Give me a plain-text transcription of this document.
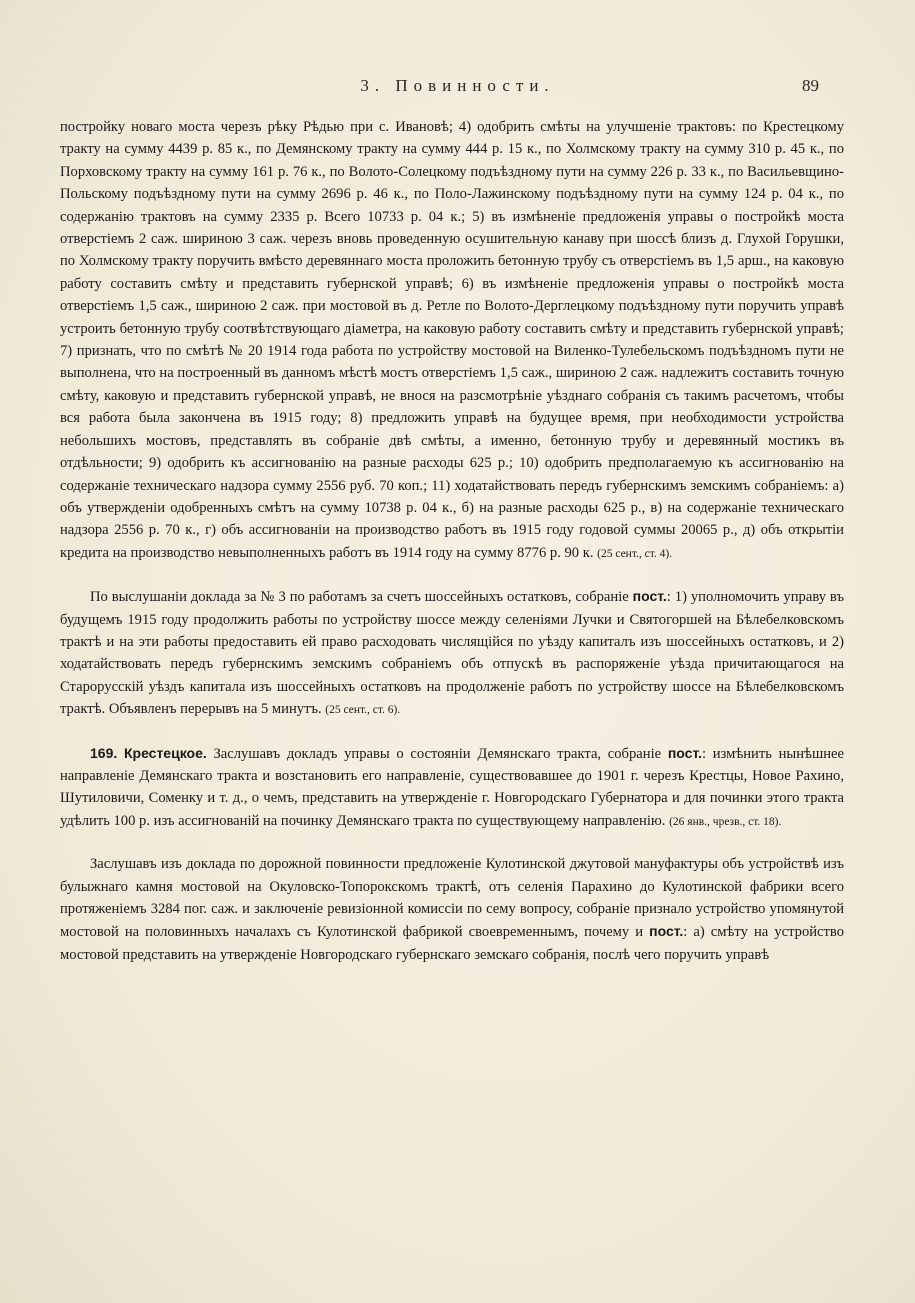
3. Повинности.	89

постройку новаго моста черезъ рѣку Рѣдью при с. Ивановѣ; 4) одобрить смѣты на улучшеніе трактовъ: по Крестецкому тракту на сумму 4439 р. 85 к., по Демянскому тракту на сумму 444 р. 15 к., по Холмскому тракту на сумму 310 р. 45 к., по Порховскому тракту на сумму 161 р. 76 к., по Волото-Солецкому подъѣздному пути на сумму 226 р. 33 к., по Васильевщино-Польскому подъѣздному пути на сумму 2696 р. 46 к., по Поло-Лажинскому подъѣздному пути на сумму 124 р. 04 к., по содержанію трактовъ на сумму 2335 р. Всего 10733 р. 04 к.; 5) въ измѣненіе предложенія управы о постройкѣ моста отверстіемъ 2 саж. шириною 3 саж. черезъ вновь проведенную осушительную канаву при шоссѣ близъ д. Глухой Горушки, по Холмскому тракту поручить вмѣсто деревяннаго моста проложить бетонную трубу съ отверстіемъ въ 1,5 арш., на каковую работу составить смѣту и представить губернской управѣ; 6) въ измѣненіе предложенія управы о постройкѣ моста отверстіемъ 1,5 саж., шириною 2 саж. при мостовой въ д. Ретле по Волото-Дерглецкому подъѣздному пути поручить управѣ устроить бетонную трубу соотвѣтствующаго діаметра, на каковую работу составить смѣту и представить губернской управѣ; 7) признать, что по смѣтѣ № 20 1914 года работа по устройству мостовой на Виленко-Тулебельскомъ подъѣздномъ пути не выполнена, что на построенный въ данномъ мѣстѣ мостъ отверстіемъ 1,5 саж., шириною 2 саж. надлежитъ составить точную смѣту, каковую и представить губернской управѣ, не внося на разсмотрѣніе уѣзднаго собранія съ такимъ расчетомъ, чтобы вся работа была закончена въ 1915 году; 8) предложить управѣ на будущее время, при необходимости устройства небольшихъ мостовъ, представлять въ собраніе двѣ смѣты, а именно, бетонную трубу и деревянный мостикъ въ отдѣльности; 9) одобрить къ ассигнованію на разные расходы 625 р.; 10) одобрить предполагаемую къ ассигнованію на содержаніе техническаго надзора сумму 2556 руб. 70 коп.; 11) ходатайствовать передъ губернскимъ земскимъ собраніемъ: а) объ утвержденіи одобренныхъ смѣтъ на сумму 10738 р. 04 к., б) на разные расходы 625 р., в) на содержаніе техническаго надзора 2556 р. 70 к., г) объ ассигнованіи на производство работъ въ 1915 году годовой суммы 20065 р., д) объ открытіи кредита на производство невыполненныхъ работъ въ 1914 году на сумму 8776 р. 90 к. (25 сент., ст. 4).

По выслушаніи доклада за № 3 по работамъ за счетъ шоссейныхъ остатковъ, собраніе пост.: 1) уполномочить управу въ будущемъ 1915 году продолжить работы по устройству шоссе между селеніями Лучки и Святогоршей на Бѣлебелковскомъ трактѣ и на эти работы предоставить ей право расходовать числящійся по уѣзду капиталъ изъ шоссейныхъ остатковъ, и 2) ходатайствовать передъ губернскимъ земскимъ собраніемъ объ отпускѣ въ распоряженіе уѣзда причитающагося на Старорусскій уѣздъ капитала изъ шоссейныхъ остатковъ на продолженіе работъ по устройству шоссе на Бѣлебелковскомъ трактѣ. Объявленъ перерывъ на 5 минутъ. (25 сент., ст. 6).

169. Крестецкое. Заслушавъ докладъ управы о состояніи Демянскаго тракта, собраніе пост.: измѣнить нынѣшнее направленіе Демянскаго тракта и возстановить его направленіе, существовавшее до 1901 г. черезъ Крестцы, Новое Рахино, Шутиловичи, Соменку и т. д., о чемъ, представить на утвержденіе г. Новгородскаго Губернатора и для починки этого тракта удѣлить 100 р. изъ ассигнованій на починку Демянскаго тракта по существующему направленію. (26 янв., чрезв., ст. 18).

Заслушавъ изъ доклада по дорожной повинности предложеніе Кулотинской джутовой мануфактуры объ устройствѣ изъ булыжнаго камня мостовой на Окуловско-Топорокскомъ трактѣ, отъ селенія Парахино до Кулотинской фабрики всего протяженіемъ 3284 пог. саж. и заключеніе ревизіонной комиссіи по сему вопросу, собраніе признало устройство упомянутой мостовой на половинныхъ началахъ съ Кулотинской фабрикой своевременнымъ, почему и пост.: а) смѣту на устройство мостовой представить на утвержденіе Новгородскаго губернскаго земскаго собранія, послѣ чего поручить управѣ
